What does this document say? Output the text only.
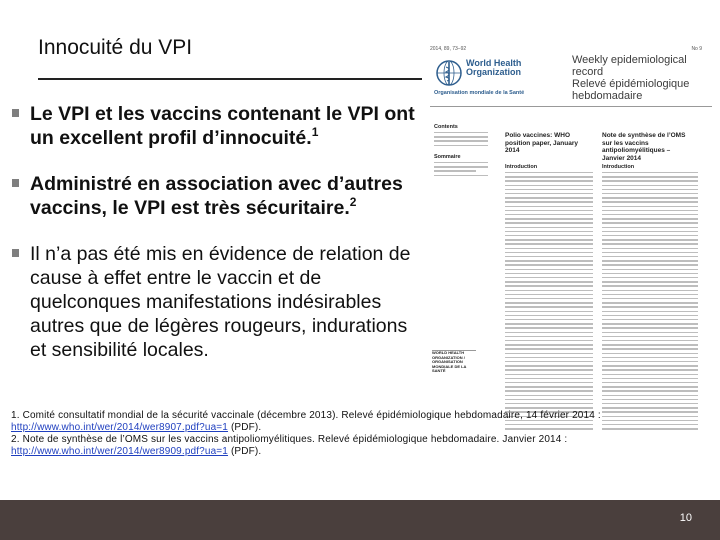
Innocuité du VPI
Le VPI et les vaccins contenant le VPI ont un excellent profil d’innocuité.$^1$
Administré en association avec d’autres vaccins, le VPI est très sécuritaire.$^2$
Il n’a pas été mis en évidence de relation de cause à effet entre le vaccin et de quelconques manifestations indésirables autres que de légères rougeurs, indurations et sensibilité locales.
2014, 89, 73–92	No 9
World Health Organization
Organisation mondiale de la Santé
Weekly epidemiological record
Relevé épidémiologique hebdomadaire
Contents
Sommaire
Polio vaccines: WHO position paper, January 2014
Note de synthèse de l’OMS sur les vaccins antipoliomyélitiques – Janvier 2014
Introduction	Introduction
WORLD HEALTH ORGANIZATION / ORGANISATION MONDIALE DE LA SANTÉ
1. Comité consultatif mondial de la sécurité vaccinale (décembre 2013). Relevé épidémiologique hebdomadaire, 14 février 2014 :
http://www.who.int/wer/2014/wer8907.pdf?ua=1 (PDF).
2. Note de synthèse de l’OMS sur les vaccins antipoliomyélitiques. Relevé épidémiologique hebdomadaire. Janvier 2014 :
http://www.who.int/wer/2014/wer8909.pdf?ua=1 (PDF).
10
